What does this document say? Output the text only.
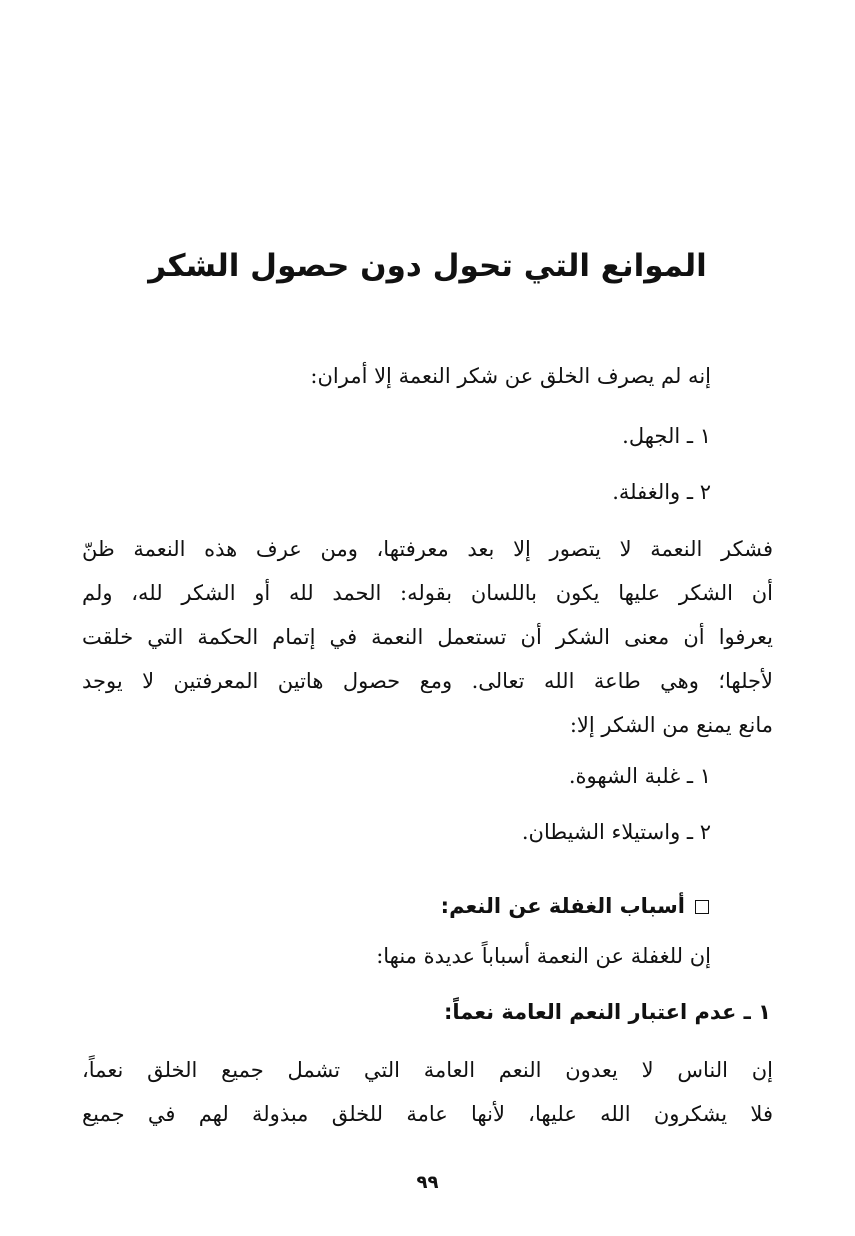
الموانع التي تحول دون حصول الشكر

إنه لم يصرف الخلق عن شكر النعمة إلا أمران:

١ ـ الجهل.

٢ ـ والغفلة.

فشكر النعمة لا يتصور إلا بعد معرفتها، ومن عرف هذه النعمة ظنّ

أن الشكر عليها يكون باللسان بقوله: الحمد لله أو الشكر لله، ولم

يعرفوا أن معنى الشكر أن تستعمل النعمة في إتمام الحكمة التي خلقت

لأجلها؛ وهي طاعة الله تعالى. ومع حصول هاتين المعرفتين لا يوجد

مانع يمنع من الشكر إلا:

١ ـ غلبة الشهوة.

٢ ـ واستيلاء الشيطان.

أسباب الغفلة عن النعم:

إن للغفلة عن النعمة أسباباً عديدة منها:

١ ـ عدم اعتبار النعم العامة نعماً:

إن الناس لا يعدون النعم العامة التي تشمل جميع الخلق نعماً،

فلا يشكرون الله عليها، لأنها عامة للخلق مبذولة لهم في جميع

٩٩
